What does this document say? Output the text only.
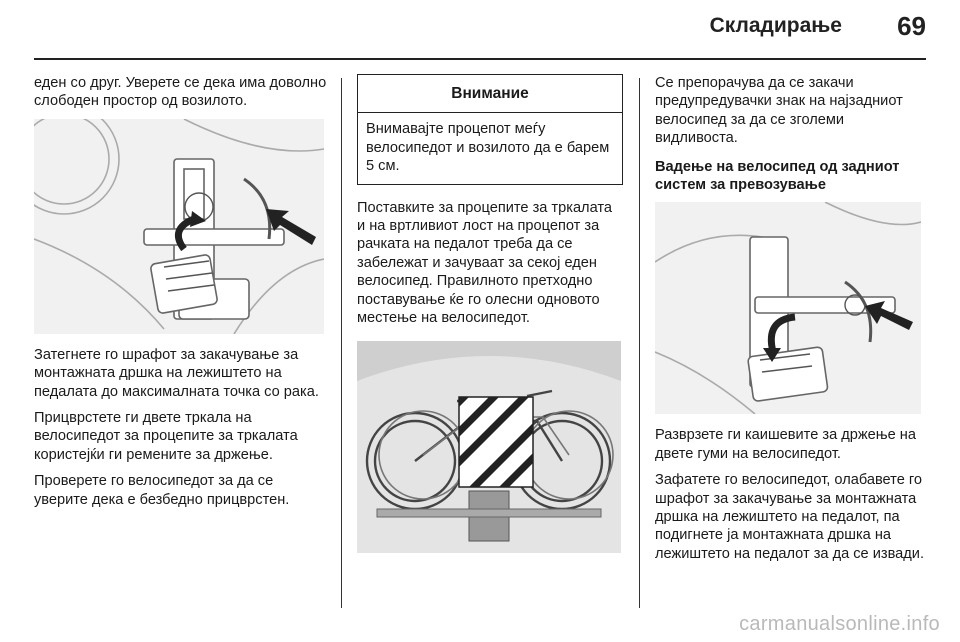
Складирање 69

еден со друг. Уверете се дека има доволно слободен простор од возилото.

Затегнете го шрафот за закачувањe за монтажната дршка на лежиштето на педалата до максималната точка со рака.

Прицврстете ги двете тркала на велосипедот за процепите за тркалата користејќи ги ремените за држење.

Проверете го велосипедот за да се уверите дека е безбедно прицврстен.

Внимание
Внимавајте процепот меѓу велосипедот и возилото да е барем 5 см.

Поставките за процепите за тркалата и на вртливиот лост на процепот за рачката на педалот треба да се забележат и зачуваат за секој еден велосипед. Правилното претходно поставување ќе го олесни одновото местење на велосипедот.

Се препорачува да се закачи предупредувачки знак на најзадниот велосипед за да се зголеми видливоста.

Вадење на велосипед од задниот систем за превозување

Разврзете ги каишевите за држење на двете гуми на велосипедот.

Зафатете го велосипедот, олабавете го шрафот за закачување за монтажната дршка на лежиштето на педалот, па подигнете ја монтажната дршка на лежиштето на педалот за да се извади.

carmanualsonline.info
